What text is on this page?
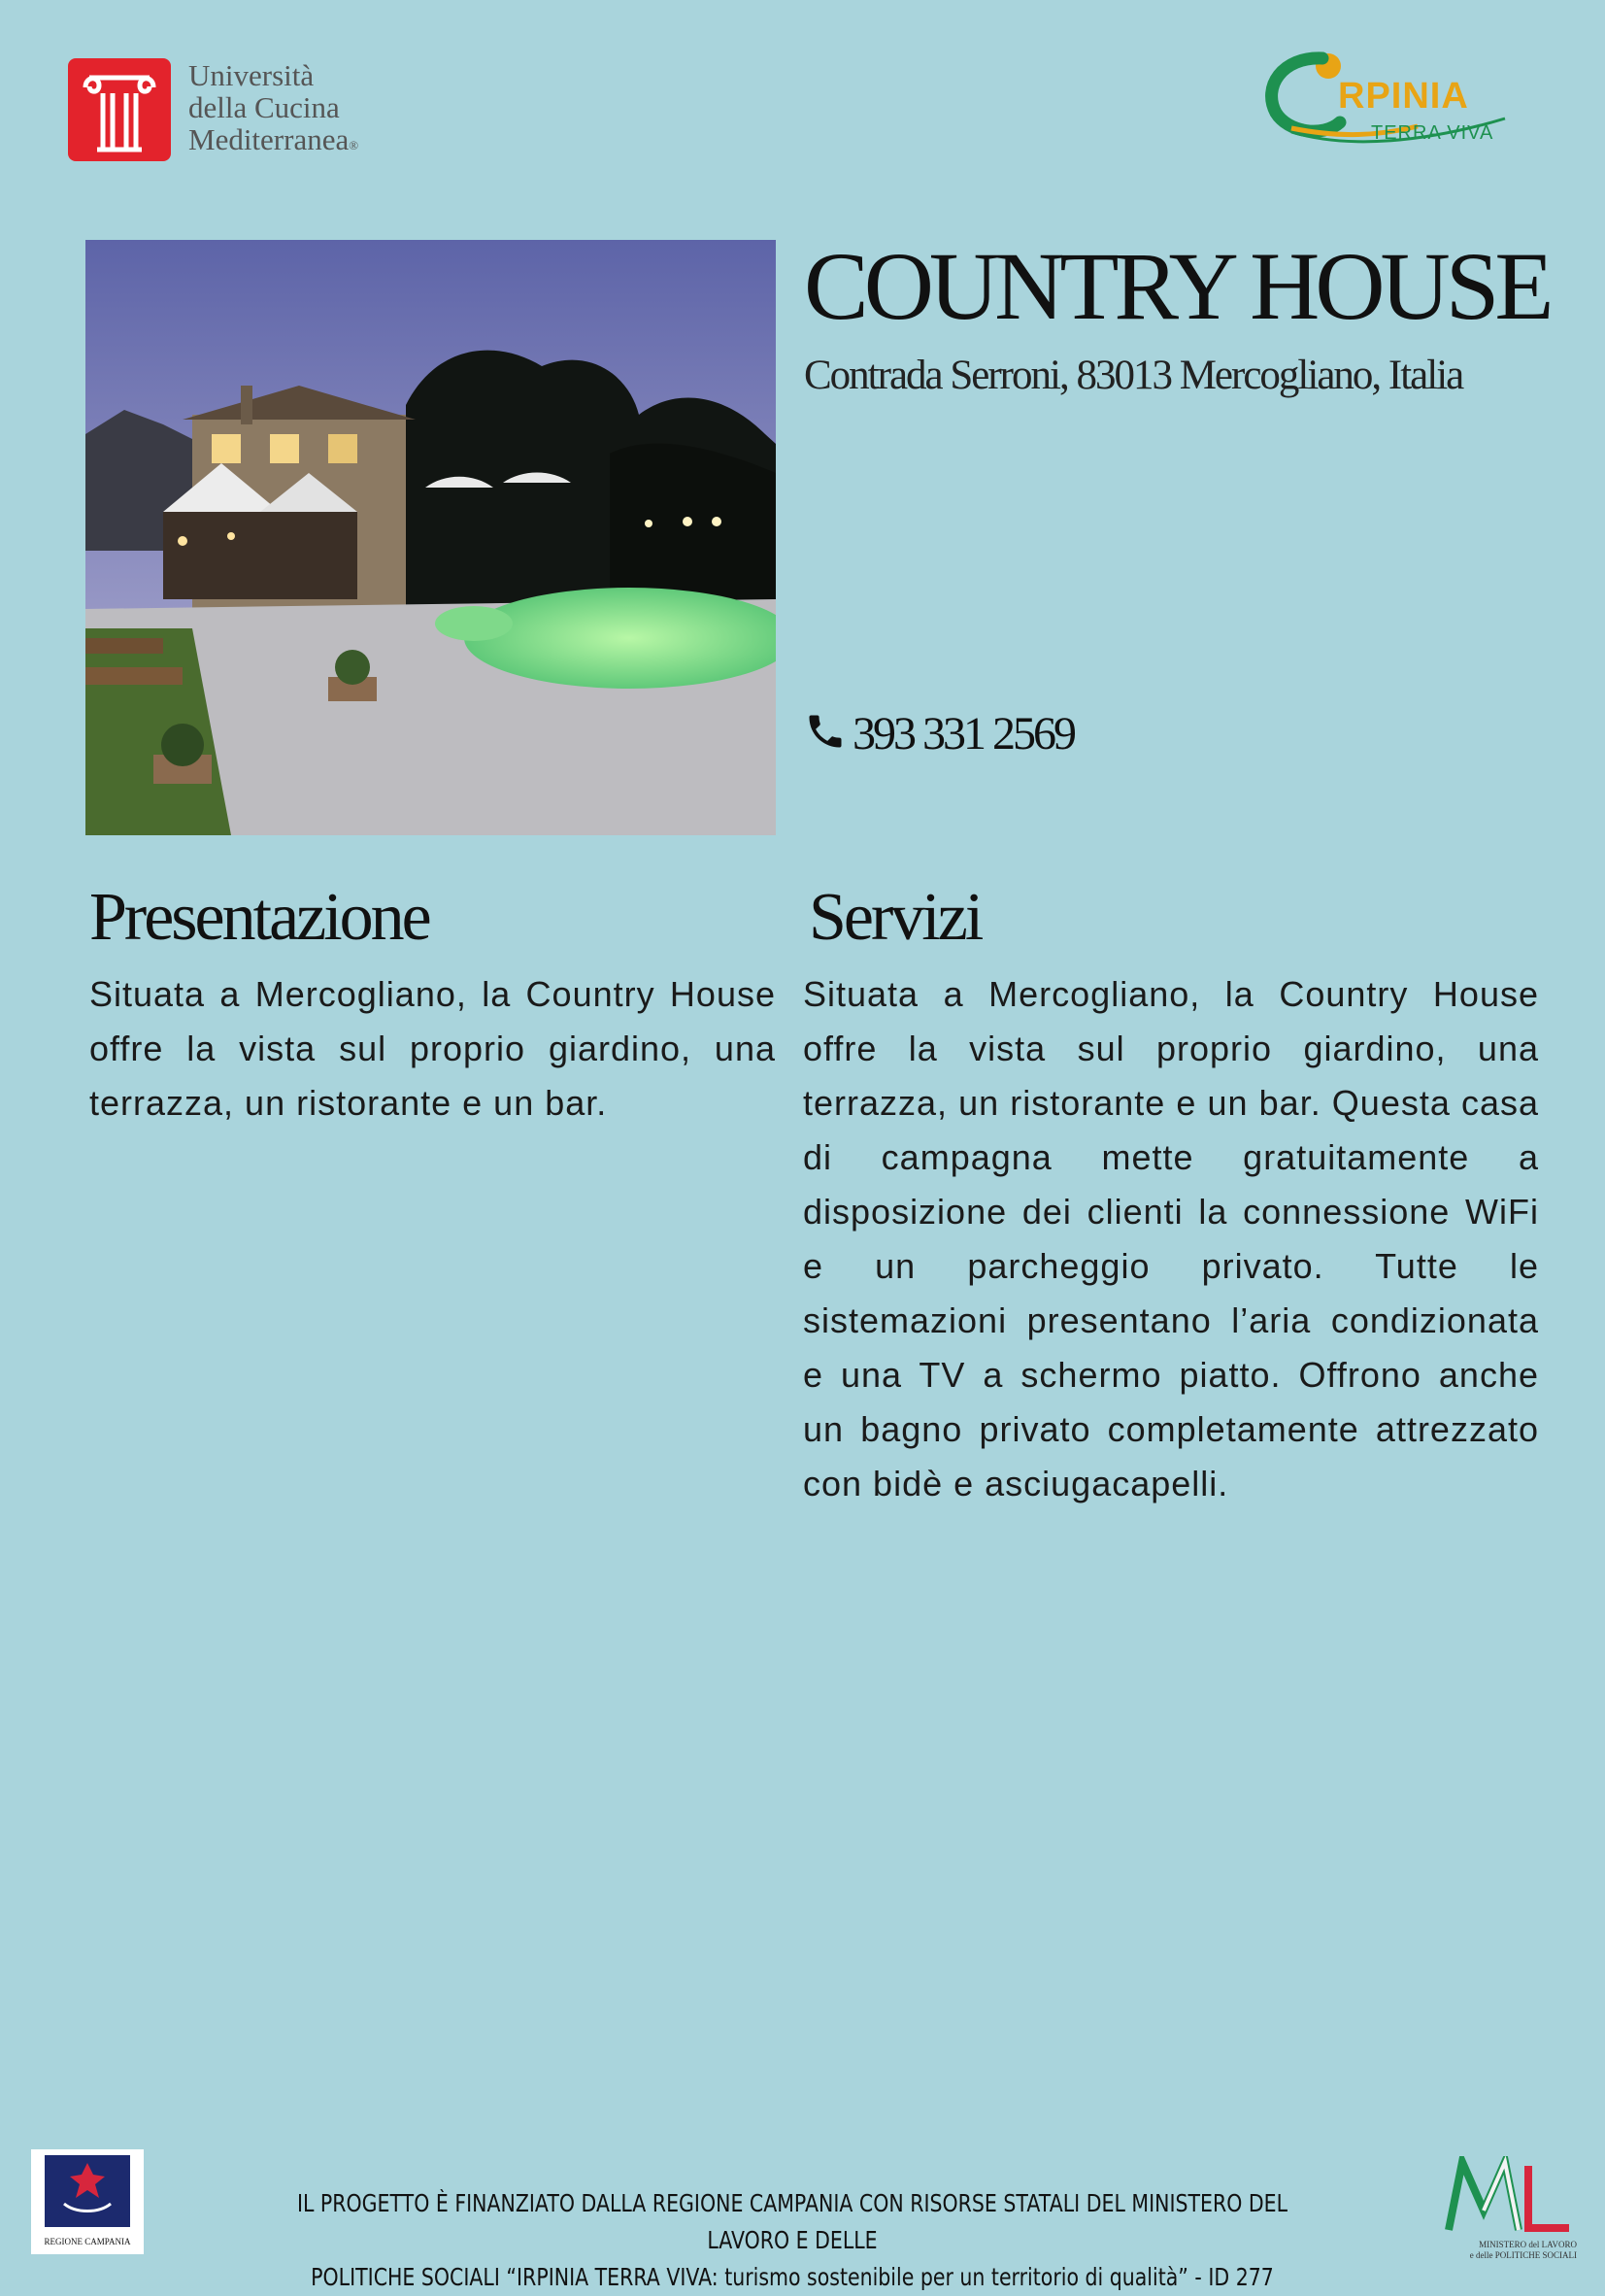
Università
della Cucina
Mediterranea®
RPINIA
TERRA VIVA
COUNTRY HOUSE
Contrada Serroni, 83013 Mercogliano, Italia
393 331 2569
Presentazione
Situata a Mercogliano, la Country House offre la vista sul proprio giardino, una terrazza, un ristorante e un bar.
Servizi
Situata a Mercogliano, la Country House offre la vista sul proprio giardino, una terrazza, un ristorante e un bar. Questa casa di campagna mette gratuitamente a disposizione dei clienti la connessione WiFi e un parcheggio privato. Tutte le sistemazioni presentano l’aria condizionata e una TV a schermo piatto. Offrono anche un bagno privato completamente attrezzato con bidè e asciugacapelli.
REGIONE CAMPANIA
IL PROGETTO È FINANZIATO DALLA REGIONE CAMPANIA CON RISORSE STATALI DEL MINISTERO DEL LAVORO E DELLE
POLITICHE SOCIALI “IRPINIA TERRA VIVA: turismo sostenibile per un territorio di qualità” - ID 277
MINISTERO del LAVORO
e delle POLITICHE SOCIALI
